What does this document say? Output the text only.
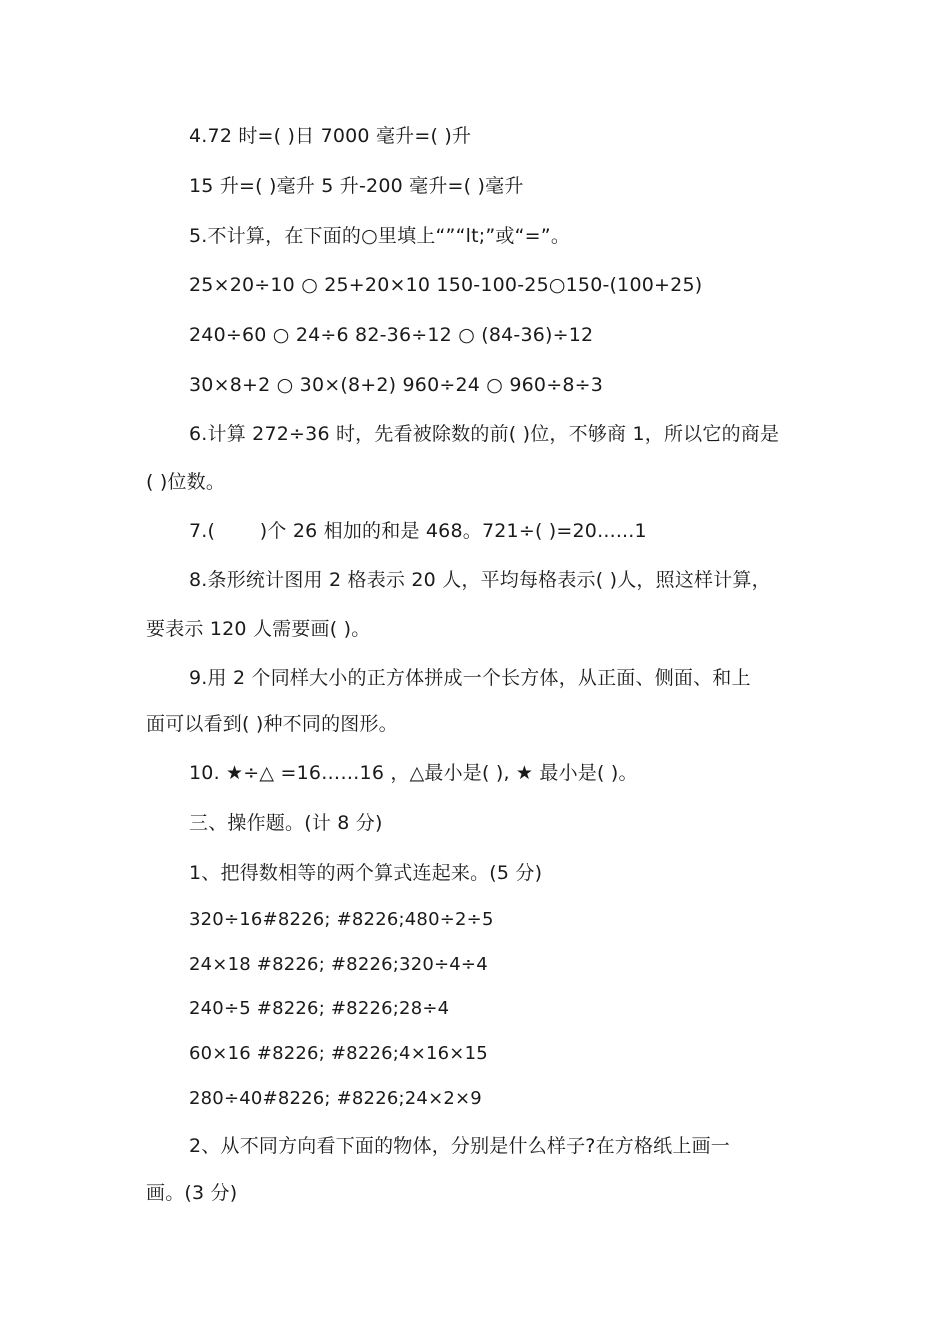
4.72 时=( )日 7000 毫升=( )升
15 升=( )毫升 5 升-200 毫升=( )毫升
5.不计算，在下面的○里填上“”“lt;”或“=”。
25×20÷10 ○ 25+20×10 150-100-25○150-(100+25)
240÷60 ○ 24÷6 82-36÷12 ○ (84-36)÷12
30×8+2 ○ 30×(8+2) 960÷24 ○ 960÷8÷3
6.计算 272÷36 时，先看被除数的前( )位，不够商 1，所以它的商是
( )位数。
7.(　　 )个 26 相加的和是 468。721÷( )=20......1
8.条形统计图用 2 格表示 20 人，平均每格表示( )人，照这样计算，
要表示 120 人需要画( )。
9.用 2 个同样大小的正方体拼成一个长方体，从正面、侧面、和上
面可以看到( )种不同的图形。
10. ★÷△ =16……16 ，△最小是( ), ★ 最小是( )。
三、操作题。(计 8 分)
1、把得数相等的两个算式连起来。(5 分)
320÷16#8226; #8226;480÷2÷5
24×18 #8226; #8226;320÷4÷4
240÷5 #8226; #8226;28÷4
60×16 #8226; #8226;4×16×15
280÷40#8226; #8226;24×2×9
2、从不同方向看下面的物体，分别是什么样子?在方格纸上画一
画。(3 分)
